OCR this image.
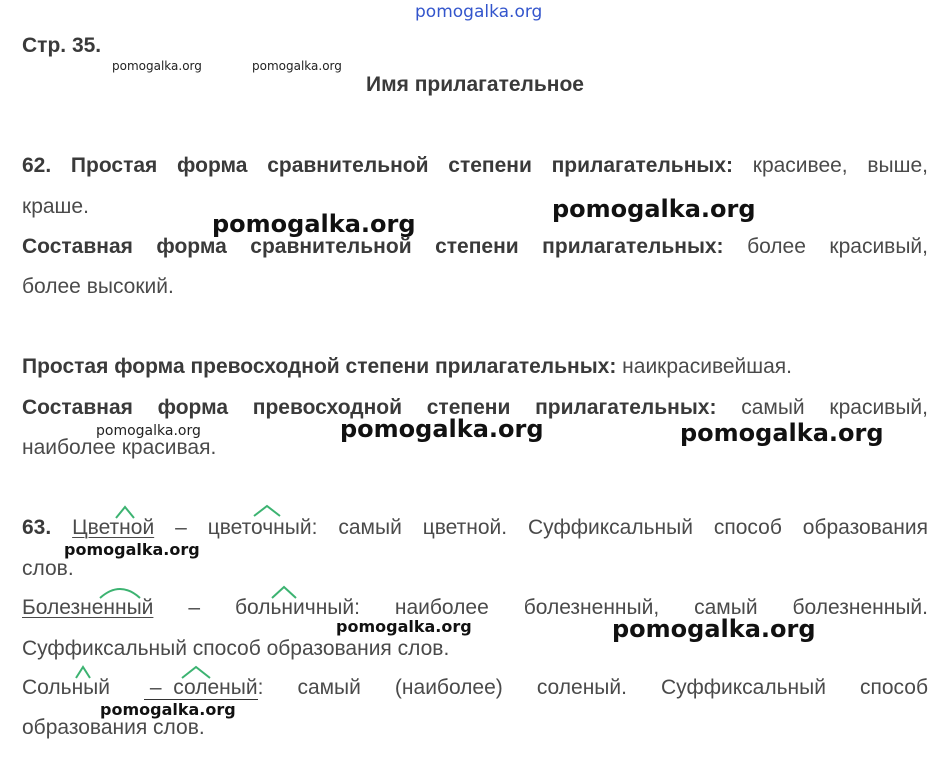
pomogalka.org
Стр. 35.
pomogalka.org	pomogalka.org
Имя прилагательное
62. Простая форма сравнительной степени прилагательных: красивее, выше,
краше.
Составная форма сравнительной степени прилагательных: более красивый,
более высокий.
Простая форма превосходной степени прилагательных: наикрасивейшая.
Составная форма превосходной степени прилагательных: самый красивый,
наиболее красивая.
63. Цветной – цветочный: самый цветной. Суффиксальный способ образования
слов.
Болезненный – больничный: наиболее болезненный, самый болезненный.
Суффиксальный способ образования слов.
Сольный – соленый: самый (наиболее) соленый. Суффиксальный способ
образования слов.
pomogalka.org
pomogalka.org
pomogalka.org	pomogalka.org	pomogalka.org
pomogalka.org
pomogalka.org	pomogalka.org
pomogalka.org
